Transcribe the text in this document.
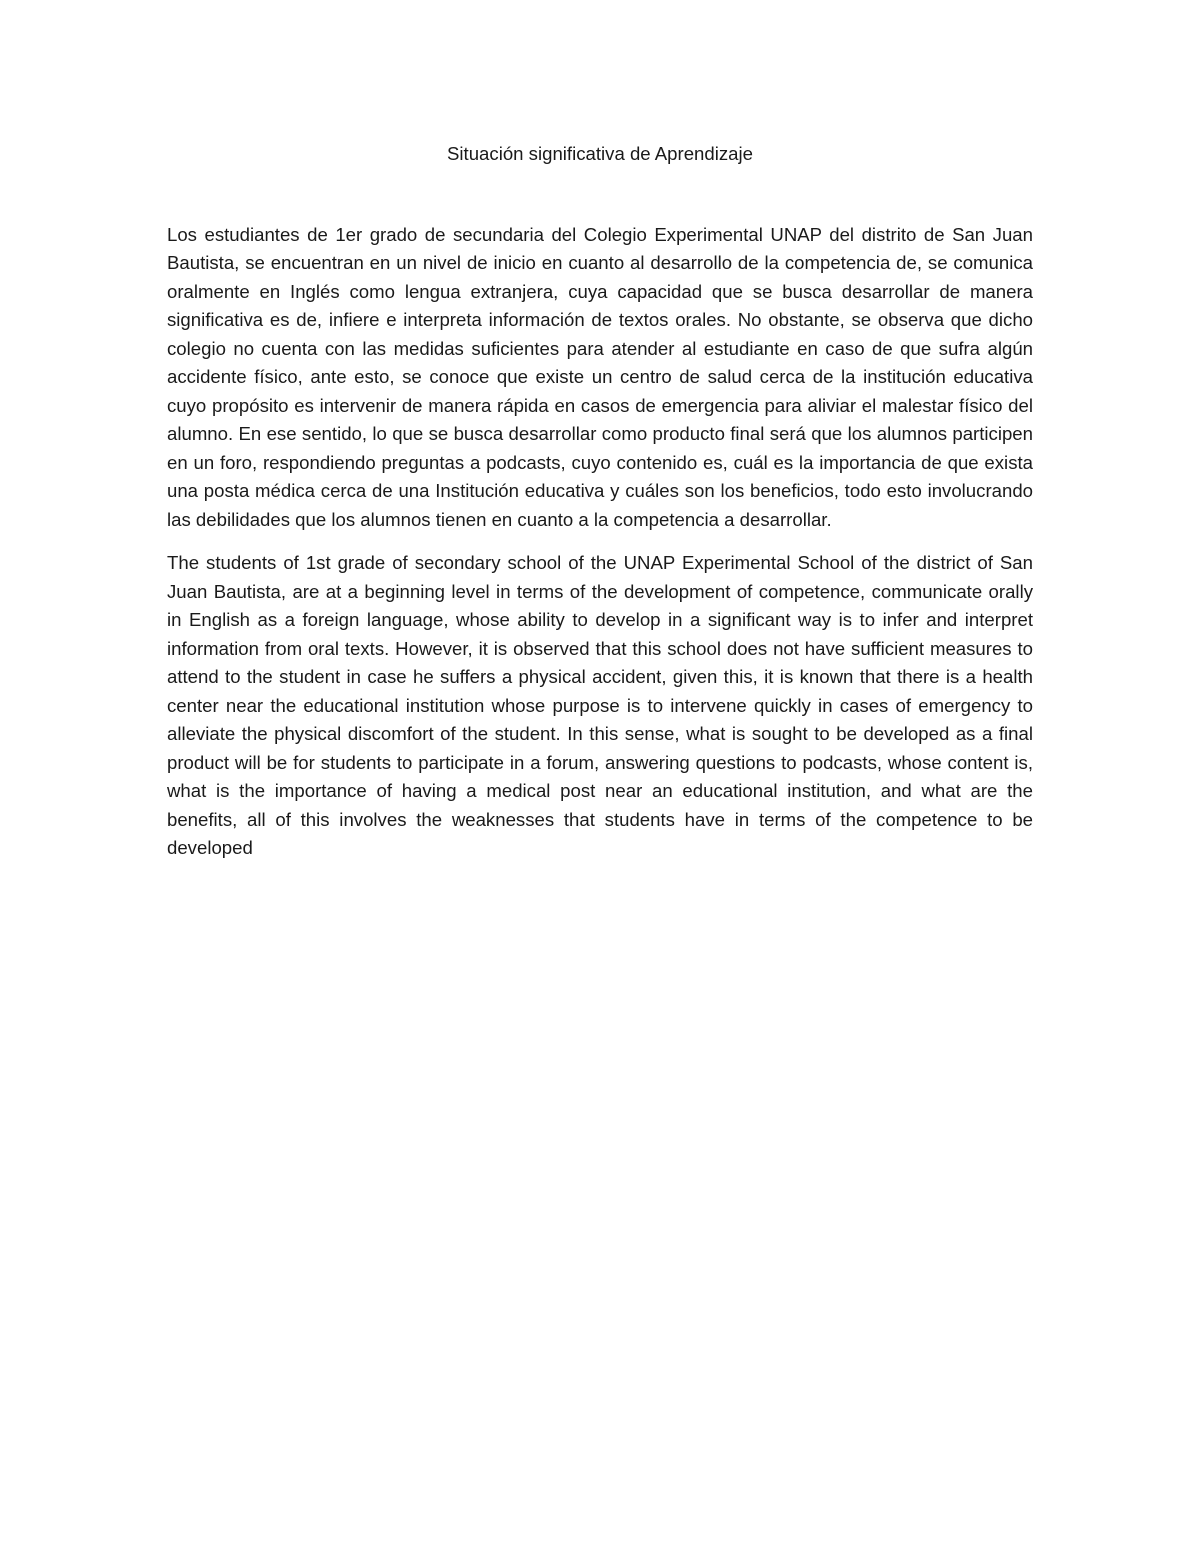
Situación significativa de Aprendizaje

Los estudiantes de 1er grado de secundaria del Colegio Experimental UNAP del distrito de San Juan Bautista, se encuentran en un nivel de inicio en cuanto al desarrollo de la competencia de, se comunica oralmente en Inglés como lengua extranjera, cuya capacidad que se busca desarrollar de manera significativa es de, infiere e interpreta información de textos orales. No obstante, se observa que dicho colegio no cuenta con las medidas suficientes para atender al estudiante en caso de que sufra algún accidente físico, ante esto, se conoce que existe un centro de salud cerca de la institución educativa cuyo propósito es intervenir de manera rápida en casos de emergencia para aliviar el malestar físico del alumno. En ese sentido, lo que se busca desarrollar como producto final será que los alumnos participen en un foro, respondiendo preguntas a podcasts, cuyo contenido es, cuál es la importancia de que exista una posta médica cerca de una Institución educativa y cuáles son los beneficios, todo esto involucrando las debilidades que los alumnos tienen en cuanto a la competencia a desarrollar.

The students of 1st grade of secondary school of the UNAP Experimental School of the district of San Juan Bautista, are at a beginning level in terms of the development of competence, communicate orally in English as a foreign language, whose ability to develop in a significant way is to infer and interpret information from oral texts. However, it is observed that this school does not have sufficient measures to attend to the student in case he suffers a physical accident, given this, it is known that there is a health center near the educational institution whose purpose is to intervene quickly in cases of emergency to alleviate the physical discomfort of the student. In this sense, what is sought to be developed as a final product will be for students to participate in a forum, answering questions to podcasts, whose content is, what is the importance of having a medical post near an educational institution, and what are the benefits, all of this involves the weaknesses that students have in terms of the competence to be developed
